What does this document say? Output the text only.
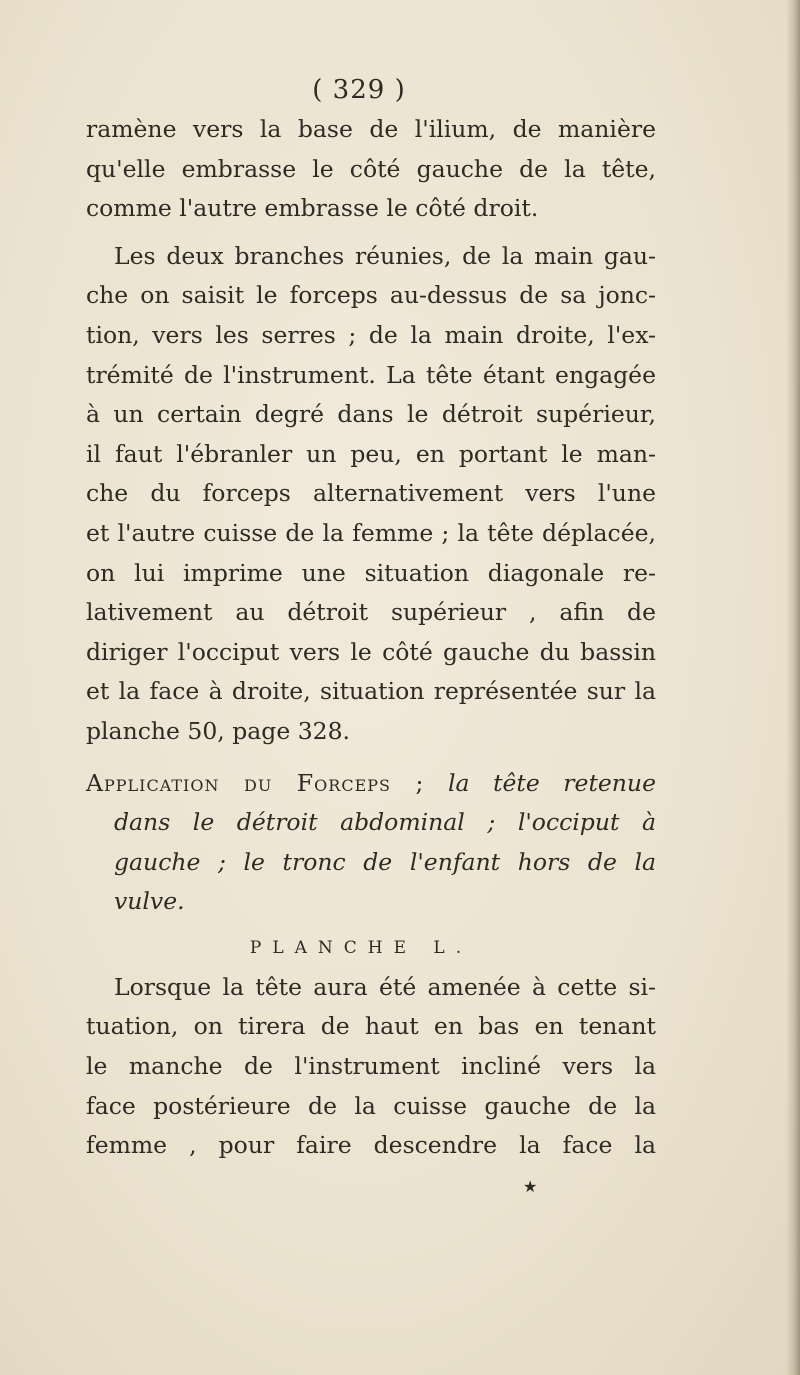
( 329 )
ramène vers la base de l'ilium, de manière
qu'elle embrasse le côté gauche de la tête,
comme l'autre embrasse le côté droit.
Les deux branches réunies, de la main gau-
che on saisit le forceps au-dessus de sa jonc-
tion, vers les serres ; de la main droite, l'ex-
trémité de l'instrument. La tête étant engagée
à un certain degré dans le détroit supérieur,
il faut l'ébranler un peu, en portant le man-
che du forceps alternativement vers l'une
et l'autre cuisse de la femme ; la tête déplacée,
on lui imprime une situation diagonale re-
lativement au détroit supérieur , afin de
diriger l'occiput vers le côté gauche du bassin
et la face à droite, situation représentée sur la
planche 50, page 328.
Application du Forceps ; la tête retenue
dans le détroit abdominal ; l'occiput à
gauche ; le tronc de l'enfant hors de la
vulve.
PLANCHE L.
Lorsque la tête aura été amenée à cette si-
tuation, on tirera de haut en bas en tenant
le manche de l'instrument incliné vers la
face postérieure de la cuisse gauche de la
femme , pour faire descendre la face la
★
